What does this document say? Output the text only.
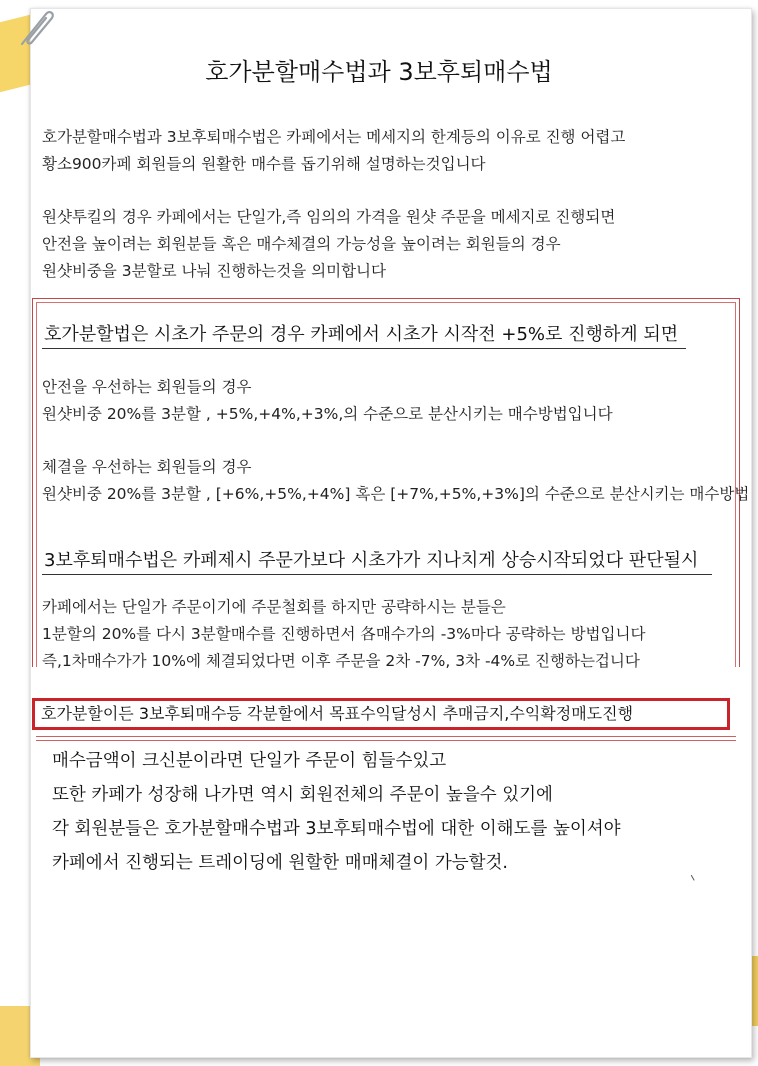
호가분할매수법과 3보후퇴매수법
호가분할매수법과 3보후퇴매수법은 카페에서는 메세지의 한계등의 이유로 진행 어렵고
황소900카페 회원들의 원활한 매수를 돕기위해 설명하는것입니다
원샷투킬의 경우 카페에서는 단일가,즉 임의의 가격을 원샷 주문을 메세지로 진행되면
안전을 높이려는 회원분들 혹은 매수체결의 가능성을 높이려는 회원들의 경우
원샷비중을 3분할로 나눠 진행하는것을 의미합니다
호가분할법은 시초가 주문의 경우 카페에서 시초가 시작전 +5%로 진행하게 되면
안전을 우선하는 회원들의 경우
원샷비중 20%를 3분할 , +5%,+4%,+3%,의 수준으로 분산시키는 매수방법입니다
체결을 우선하는 회원들의 경우
원샷비중 20%를 3분할 , [+6%,+5%,+4%] 혹은 [+7%,+5%,+3%]의 수준으로 분산시키는 매수방법
3보후퇴매수법은 카페제시 주문가보다 시초가가 지나치게 상승시작되었다 판단될시
카페에서는 단일가 주문이기에 주문철회를 하지만 공략하시는 분들은
1분할의 20%를 다시 3분할매수를 진행하면서 各매수가의 -3%마다 공략하는 방법입니다
즉,1차매수가가 10%에 체결되었다면 이후 주문을 2차 -7%, 3차 -4%로 진행하는겁니다
호가분할이든 3보후퇴매수등 각분할에서 목표수익달성시 추매금지,수익확정매도진행
매수금액이 크신분이라면 단일가 주문이 힘들수있고
또한 카페가 성장해 나가면 역시 회원전체의 주문이 높을수 있기에
각 회원분들은 호가분할매수법과 3보후퇴매수법에 대한 이해도를 높이셔야
카페에서 진행되는 트레이딩에 원할한 매매체결이 가능할것.
